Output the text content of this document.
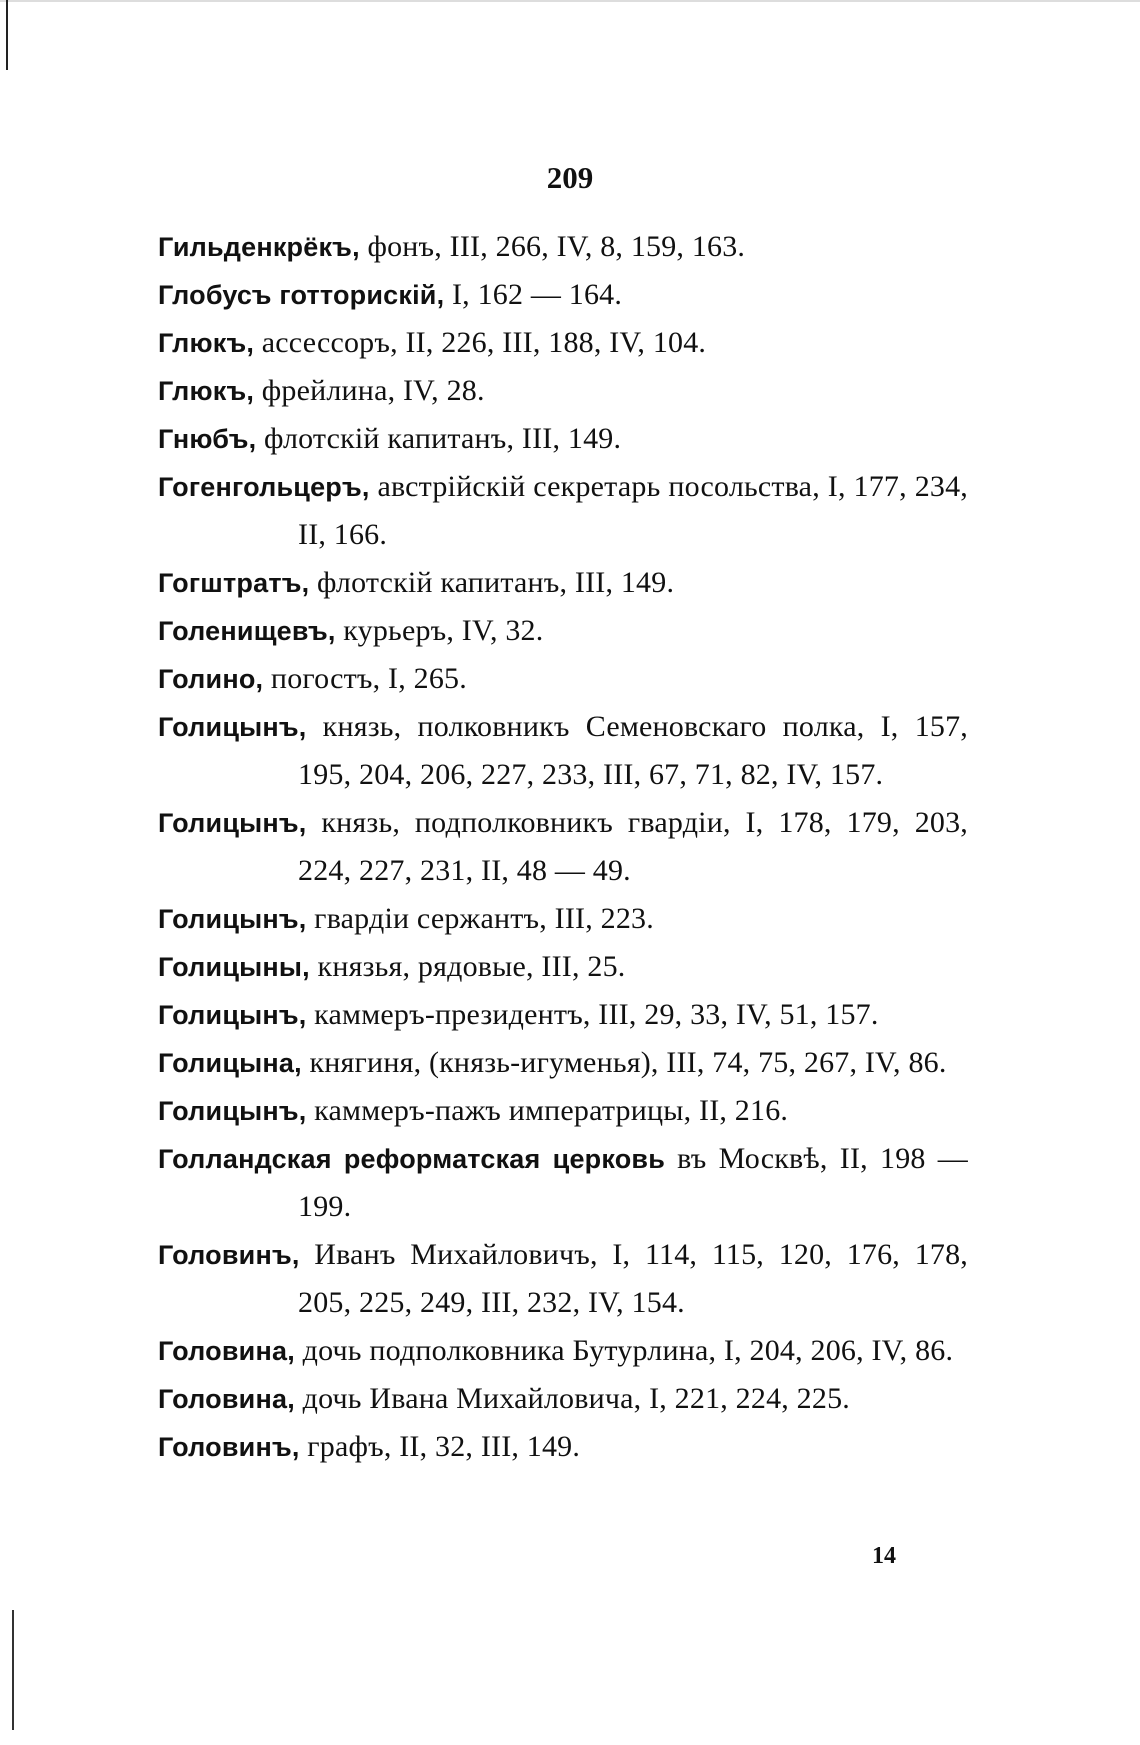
209

Гильденкрёкъ, фонъ, III, 266, IV, 8, 159, 163.

Глобусъ готторискій, I, 162 — 164.

Глюкъ, ассессоръ, II, 226, III, 188, IV, 104.

Глюкъ, фрейлина, IV, 28.

Гнюбъ, флотскій капитанъ, III, 149.

Гогенгольцеръ, австрійскій секретарь посольства, I, 177, 234, II, 166.

Гогштратъ, флотскій капитанъ, III, 149.

Голенищевъ, курьеръ, IV, 32.

Голино, погостъ, I, 265.

Голицынъ, князь, полковникъ Семеновскаго полка, I, 157, 195, 204, 206, 227, 233, III, 67, 71, 82, IV, 157.

Голицынъ, князь, подполковникъ гвардіи, I, 178, 179, 203, 224, 227, 231, II, 48 — 49.

Голицынъ, гвардіи сержантъ, III, 223.

Голицыны, князья, рядовые, III, 25.

Голицынъ, каммеръ-президентъ, III, 29, 33, IV, 51, 157.

Голицына, княгиня, (князь-игуменья), III, 74, 75, 267, IV, 86.

Голицынъ, каммеръ-пажъ императрицы, II, 216.

Голландская реформатская церковь въ Москвѣ, II, 198 — 199.

Головинъ, Иванъ Михайловичъ, I, 114, 115, 120, 176, 178, 205, 225, 249, III, 232, IV, 154.

Головина, дочь подполковника Бутурлина, I, 204, 206, IV, 86.

Головина, дочь Ивана Михайловича, I, 221, 224, 225.

Головинъ, графъ, II, 32, III, 149.

14
